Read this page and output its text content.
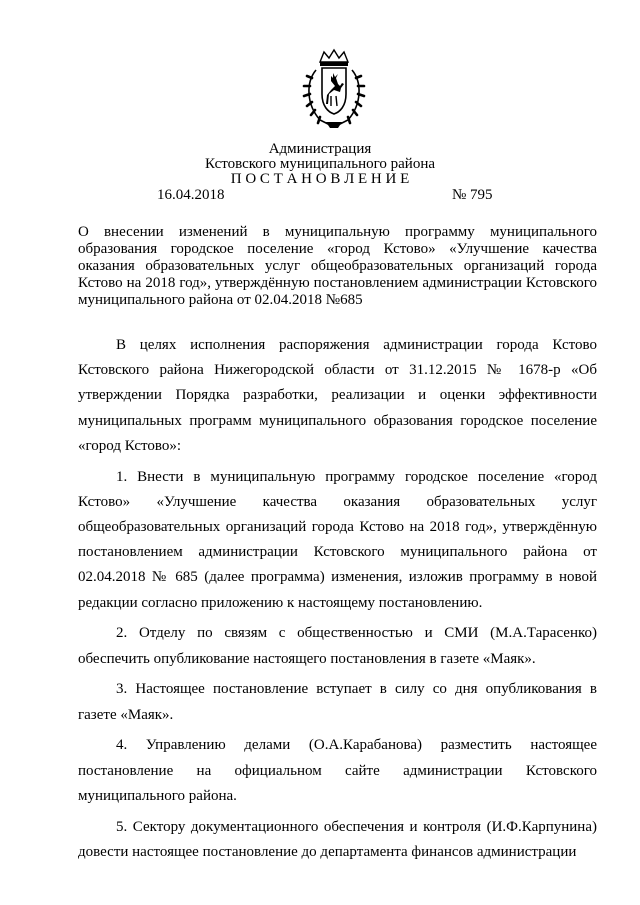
Администрация
Кстовского муниципального района
П О С Т А Н О В Л Е Н И Е
16.04.2018	№ 795
О внесении изменений в муниципальную программу муниципального образования городское поселение «город Кстово» «Улучшение качества оказания образовательных услуг общеобразовательных организаций города Кстово на 2018 год», утверждённую постановлением администрации Кстовского муниципального района от 02.04.2018 №685

В целях исполнения распоряжения администрации города Кстово Кстовского района Нижегородской области от 31.12.2015 № 1678-р «Об утверждении Порядка разработки, реализации и оценки эффективности муниципальных программ муниципального образования городское поселение «город Кстово»:

1. Внести в муниципальную программу городское поселение «город Кстово» «Улучшение качества оказания образовательных услуг общеобразовательных организаций города Кстово на 2018 год», утверждённую постановлением администрации Кстовского муниципального района от 02.04.2018 № 685 (далее программа) изменения, изложив программу в новой редакции согласно приложению к настоящему постановлению.

2. Отделу по связям с общественностью и СМИ (М.А.Тарасенко) обеспечить опубликование настоящего постановления в газете «Маяк».

3. Настоящее постановление вступает в силу со дня опубликования в газете «Маяк».

4. Управлению делами (О.А.Карабанова) разместить настоящее постановление на официальном сайте администрации Кстовского муниципального района.

5. Сектору документационного обеспечения и контроля (И.Ф.Карпунина) довести настоящее постановление до департамента финансов администрации
